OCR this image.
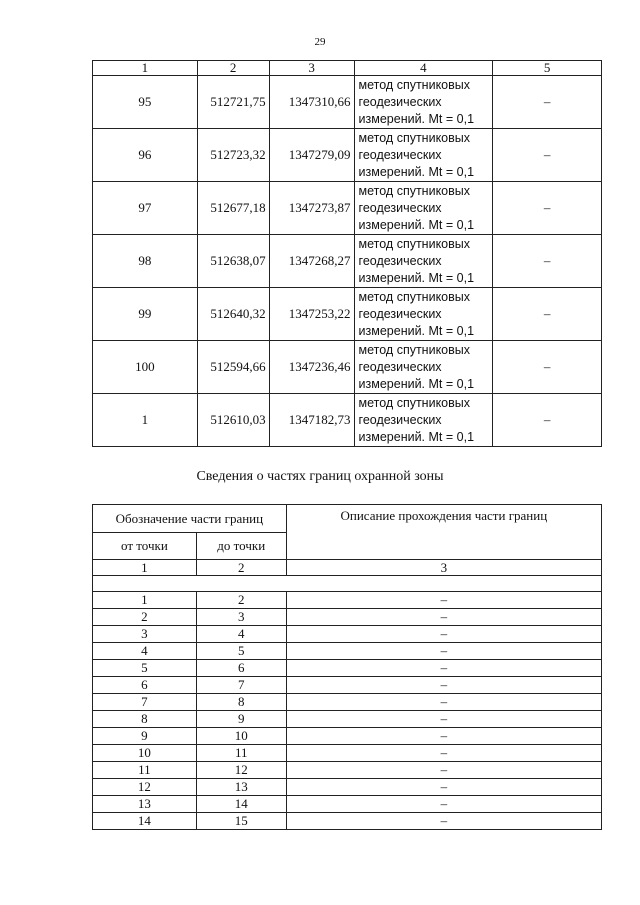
29
1	2	3	4	5
95	512721,75	1347310,66	метод спутниковых
геодезических
измерений. Mt = 0,1	–
96	512723,32	1347279,09	метод спутниковых
геодезических
измерений. Mt = 0,1	–
97	512677,18	1347273,87	метод спутниковых
геодезических
измерений. Mt = 0,1	–
98	512638,07	1347268,27	метод спутниковых
геодезических
измерений. Mt = 0,1	–
99	512640,32	1347253,22	метод спутниковых
геодезических
измерений. Mt = 0,1	–
100	512594,66	1347236,46	метод спутниковых
геодезических
измерений. Mt = 0,1	–
1	512610,03	1347182,73	метод спутниковых
геодезических
измерений. Mt = 0,1	–
Сведения о частях границ охранной зоны
Обозначение части границ		Описание прохождения части границ
от точки	до точки	
1	2	3

1	2	–
2	3	–
3	4	–
4	5	–
5	6	–
6	7	–
7	8	–
8	9	–
9	10	–
10	11	–
11	12	–
12	13	–
13	14	–
14	15	–
